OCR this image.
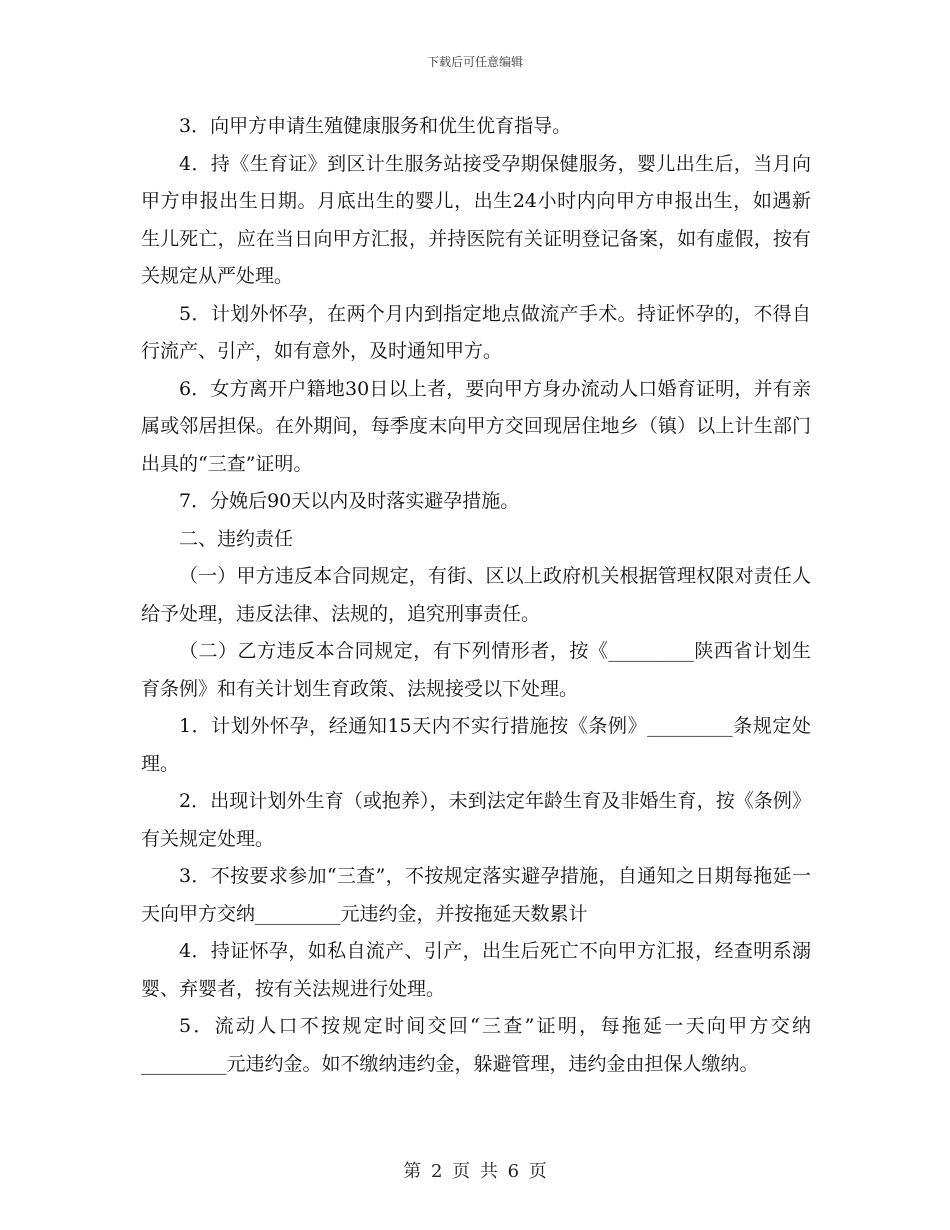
下载后可任意编辑

3．向甲方申请生殖健康服务和优生优育指导。

4．持《生育证》到区计生服务站接受孕期保健服务，婴儿出生后，当月向甲方申报出生日期。月底出生的婴儿，出生24小时内向甲方申报出生，如遇新生儿死亡，应在当日向甲方汇报，并持医院有关证明登记备案，如有虚假，按有关规定从严处理。

5．计划外怀孕，在两个月内到指定地点做流产手术。持证怀孕的，不得自行流产、引产，如有意外，及时通知甲方。

6．女方离开户籍地30日以上者，要向甲方身办流动人口婚育证明，并有亲属或邻居担保。在外期间，每季度末向甲方交回现居住地乡（镇）以上计生部门出具的“三查”证明。

7．分娩后90天以内及时落实避孕措施。

二、违约责任

（一）甲方违反本合同规定，有街、区以上政府机关根据管理权限对责任人给予处理，违反法律、法规的，追究刑事责任。

（二）乙方违反本合同规定，有下列情形者，按《_________陕西省计划生育条例》和有关计划生育政策、法规接受以下处理。

1．计划外怀孕，经通知15天内不实行措施按《条例》_________条规定处理。

2．出现计划外生育（或抱养），未到法定年龄生育及非婚生育，按《条例》有关规定处理。

3．不按要求参加“三查”，不按规定落实避孕措施，自通知之日期每拖延一天向甲方交纳_________元违约金，并按拖延天数累计

4．持证怀孕，如私自流产、引产，出生后死亡不向甲方汇报，经查明系溺婴、弃婴者，按有关法规进行处理。

5．流动人口不按规定时间交回“三查”证明，每拖延一天向甲方交纳_________元违约金。如不缴纳违约金，躲避管理，违约金由担保人缴纳。

第 2 页 共 6 页
